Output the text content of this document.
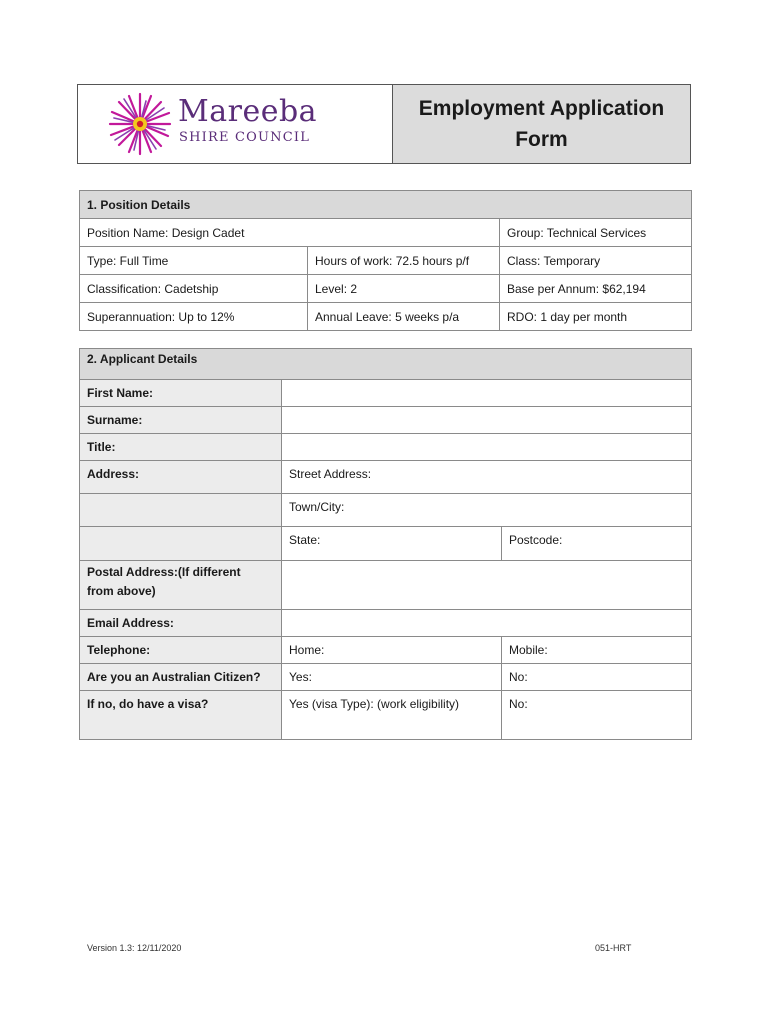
Mareeba
SHIRE COUNCIL
Employment Application
Form
1. Position Details		
Position Name: Design Cadet		Group: Technical Services
Type: Full Time	Hours of work: 72.5 hours p/f	Class: Temporary
Classification: Cadetship	Level: 2	Base per Annum: $62,194
Superannuation: Up to 12%	Annual Leave: 5 weeks p/a	RDO: 1 day per month
2. Applicant Details		
First Name:		
Surname:		
Title:		
Address:	Street Address:	
	Town/City:	
	State:	Postcode:

Postal Address:(If different
from above)		

Email Address:		
Telephone:	Home:	Mobile:
Are you an Australian Citizen?	Yes:	No:
If no, do have a visa?	Yes (visa Type): (work eligibility)	No:
Version 1.3: 12/11/2020	051-HRT
